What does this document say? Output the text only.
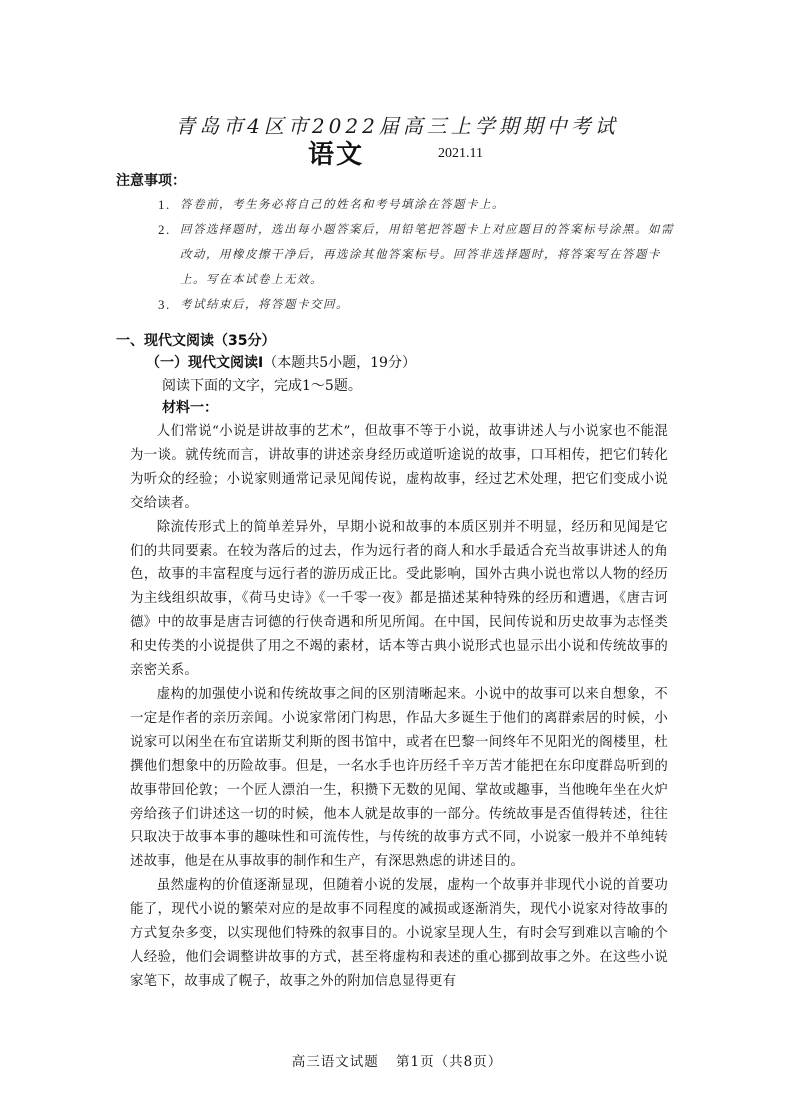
青岛市4区市2022届高三上学期期中考试
语文	2021.11
注意事项：
1. 答卷前，考生务必将自己的姓名和考号填涂在答题卡上。
2. 回答选择题时，选出每小题答案后，用铅笔把答题卡上对应题目的答案标号涂黑。如需改动，用橡皮擦干净后，再选涂其他答案标号。回答非选择题时，将答案写在答题卡上。写在本试卷上无效。
3. 考试结束后，将答题卡交回。
一、现代文阅读（35分）
（一）现代文阅读Ⅰ（本题共5小题，19分）
阅读下面的文字，完成1～5题。
材料一：

人们常说“小说是讲故事的艺术”，但故事不等于小说，故事讲述人与小说家也不能混为一谈。就传统而言，讲故事的讲述亲身经历或道听途说的故事，口耳相传，把它们转化为听众的经验；小说家则通常记录见闻传说，虚构故事，经过艺术处理，把它们变成小说交给读者。

除流传形式上的简单差异外，早期小说和故事的本质区别并不明显，经历和见闻是它们的共同要素。在较为落后的过去，作为远行者的商人和水手最适合充当故事讲述人的角色，故事的丰富程度与远行者的游历成正比。受此影响，国外古典小说也常以人物的经历为主线组织故事，《荷马史诗》《一千零一夜》都是描述某种特殊的经历和遭遇，《唐吉诃德》中的故事是唐吉诃德的行侠奇遇和所见所闻。在中国，民间传说和历史故事为志怪类和史传类的小说提供了用之不竭的素材，话本等古典小说形式也显示出小说和传统故事的亲密关系。

虚构的加强使小说和传统故事之间的区别清晰起来。小说中的故事可以来自想象，不一定是作者的亲历亲闻。小说家常闭门构思，作品大多诞生于他们的离群索居的时候，小说家可以闲坐在布宜诺斯艾利斯的图书馆中，或者在巴黎一间终年不见阳光的阁楼里，杜撰他们想象中的历险故事。但是，一名水手也许历经千辛万苦才能把在东印度群岛听到的故事带回伦敦；一个匠人漂泊一生，积攒下无数的见闻、掌故或趣事，当他晚年坐在火炉旁给孩子们讲述这一切的时候，他本人就是故事的一部分。传统故事是否值得转述，往往只取决于故事本事的趣味性和可流传性，与传统的故事方式不同，小说家一般并不单纯转述故事，他是在从事故事的制作和生产，有深思熟虑的讲述目的。

虽然虚构的价值逐渐显现，但随着小说的发展，虚构一个故事并非现代小说的首要功能了，现代小说的繁荣对应的是故事不同程度的减损或逐渐消失，现代小说家对待故事的方式复杂多变，以实现他们特殊的叙事目的。小说家呈现人生，有时会写到难以言喻的个人经验，他们会调整讲故事的方式，甚至将虚构和表述的重心挪到故事之外。在这些小说家笔下，故事成了幌子，故事之外的附加信息显得更有

高三语文试题 第1页（共8页）
